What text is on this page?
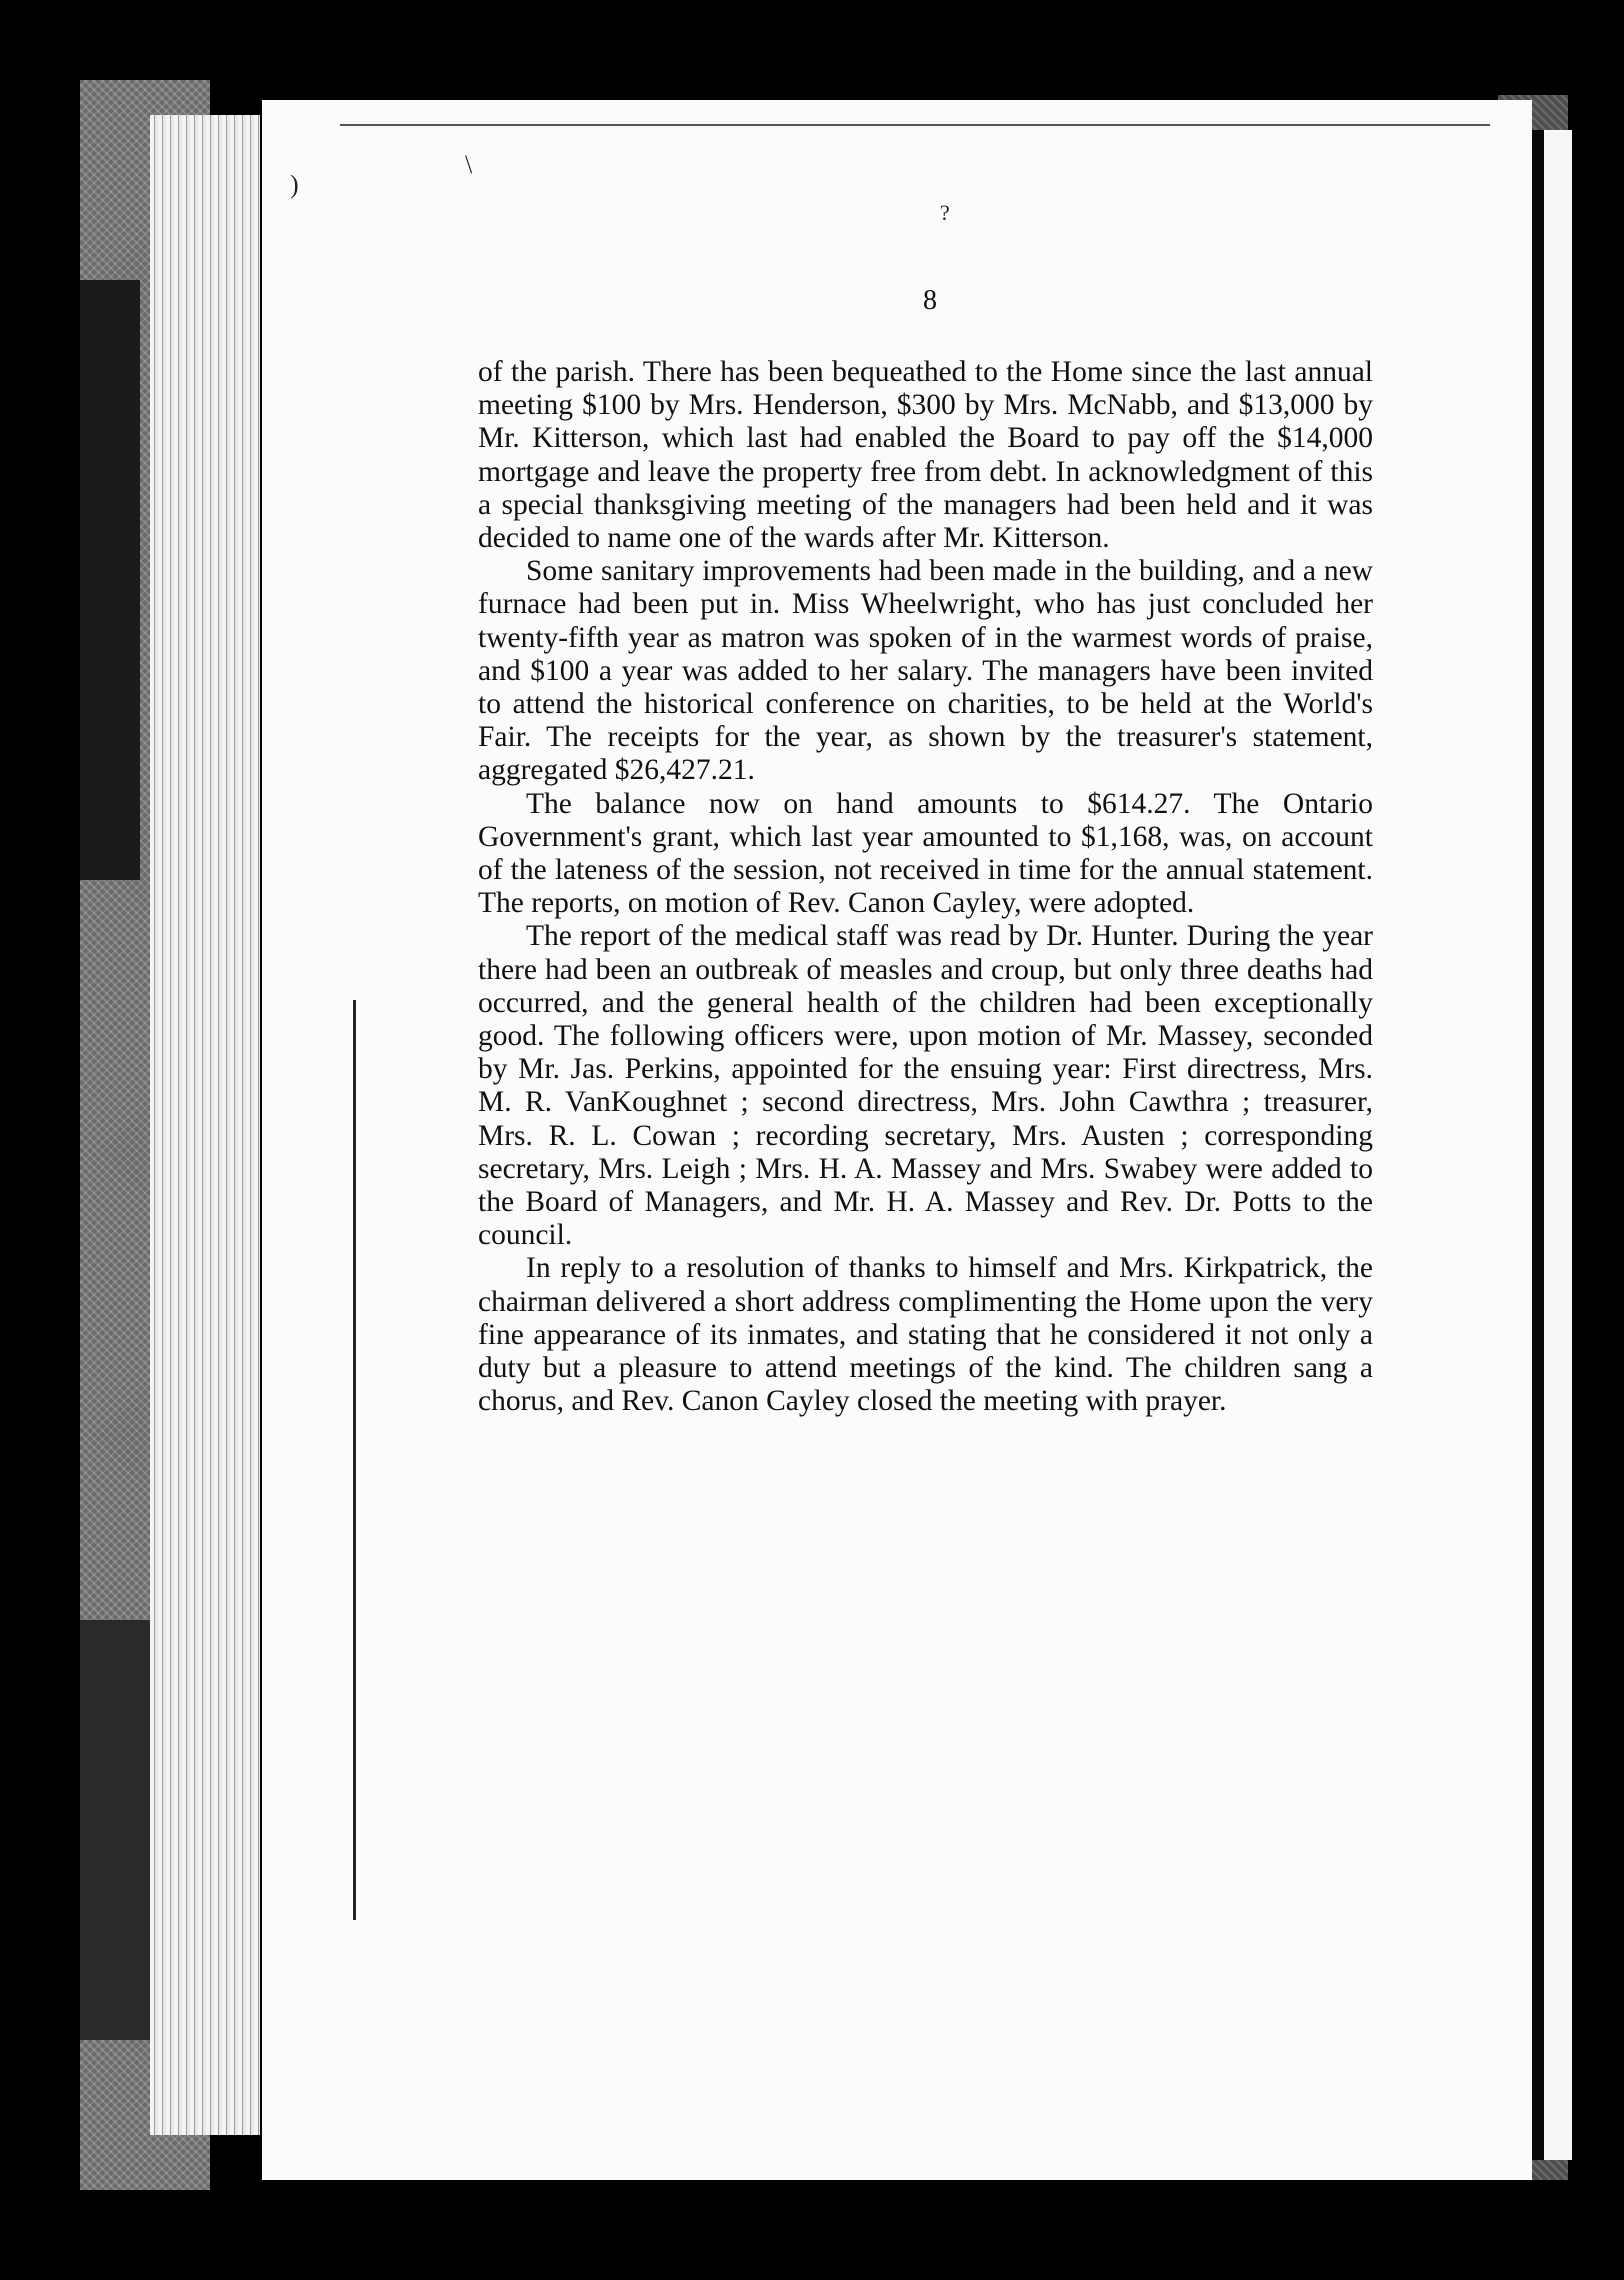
\
?
)
8

of the parish. There has been bequeathed to the Home since the last annual meeting $100 by Mrs. Henderson, $300 by Mrs. McNabb, and $13,000 by Mr. Kitterson, which last had enabled the Board to pay off the $14,000 mortgage and leave the property free from debt. In acknowledgment of this a special thanksgiving meeting of the managers had been held and it was decided to name one of the wards after Mr. Kitterson.

Some sanitary improvements had been made in the building, and a new furnace had been put in. Miss Wheelwright, who has just concluded her twenty-fifth year as matron was spoken of in the warmest words of praise, and $100 a year was added to her salary. The managers have been invited to attend the historical conference on charities, to be held at the World's Fair. The receipts for the year, as shown by the treasurer's statement, aggregated $26,427.21.

The balance now on hand amounts to $614.27. The Ontario Government's grant, which last year amounted to $1,168, was, on account of the lateness of the session, not received in time for the annual statement. The reports, on motion of Rev. Canon Cayley, were adopted.

The report of the medical staff was read by Dr. Hunter. During the year there had been an outbreak of measles and croup, but only three deaths had occurred, and the general health of the children had been exceptionally good. The following officers were, upon motion of Mr. Massey, seconded by Mr. Jas. Perkins, appointed for the ensuing year: First directress, Mrs. M. R. VanKoughnet ; second directress, Mrs. John Cawthra ; treasurer, Mrs. R. L. Cowan ; recording secretary, Mrs. Austen ; corresponding secretary, Mrs. Leigh ; Mrs. H. A. Massey and Mrs. Swabey were added to the Board of Managers, and Mr. H. A. Massey and Rev. Dr. Potts to the council.

In reply to a resolution of thanks to himself and Mrs. Kirkpatrick, the chairman delivered a short address complimenting the Home upon the very fine appearance of its inmates, and stating that he considered it not only a duty but a pleasure to attend meetings of the kind. The children sang a chorus, and Rev. Canon Cayley closed the meeting with prayer.
